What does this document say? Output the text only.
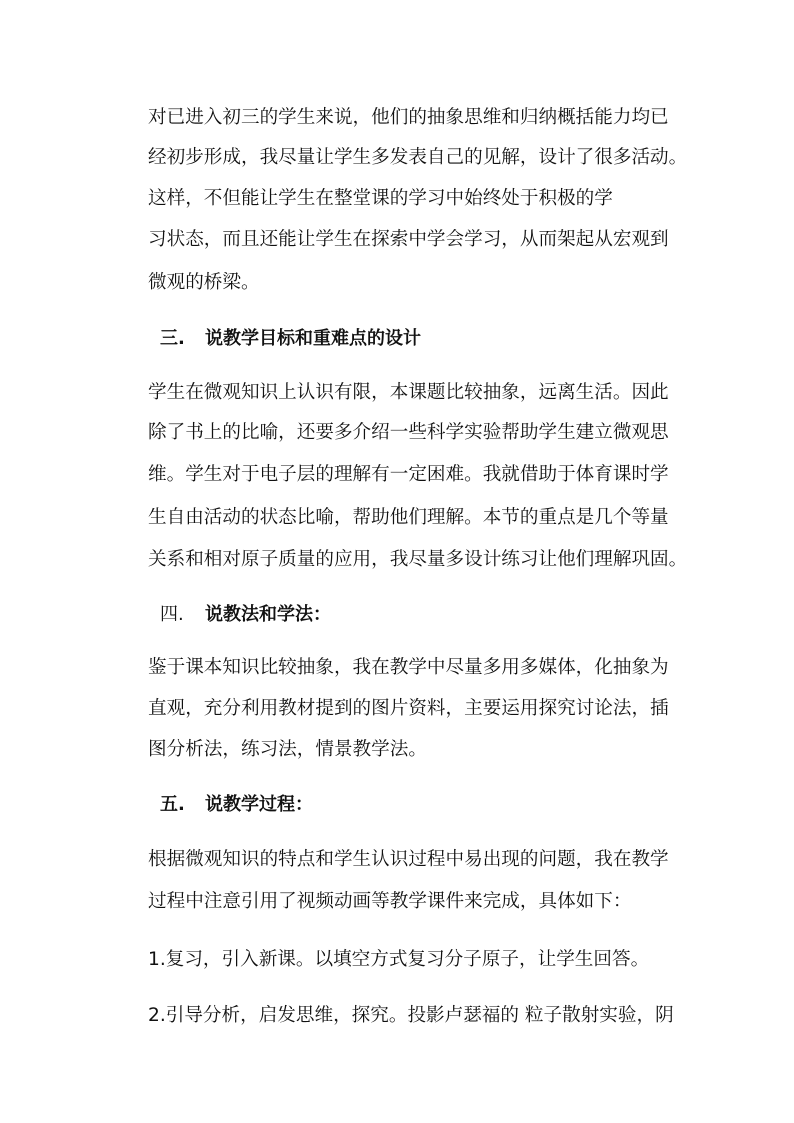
对已进入初三的学生来说，他们的抽象思维和归纳概括能力均已
经初步形成，我尽量让学生多发表自己的见解，设计了很多活动。
这样，不但能让学生在整堂课的学习中始终处于积极的学
习状态，而且还能让学生在探索中学会学习，从而架起从宏观到
微观的桥梁。
三. 说教学目标和重难点的设计
学生在微观知识上认识有限，本课题比较抽象，远离生活。因此
除了书上的比喻，还要多介绍一些科学实验帮助学生建立微观思
维。学生对于电子层的理解有一定困难。我就借助于体育课时学
生自由活动的状态比喻，帮助他们理解。本节的重点是几个等量
关系和相对原子质量的应用，我尽量多设计练习让他们理解巩固。
四. 说教法和学法：
鉴于课本知识比较抽象，我在教学中尽量多用多媒体，化抽象为
直观，充分利用教材提到的图片资料，主要运用探究讨论法，插
图分析法，练习法，情景教学法。
五. 说教学过程：
根据微观知识的特点和学生认识过程中易出现的问题，我在教学
过程中注意引用了视频动画等教学课件来完成，具体如下：
1.复习，引入新课。以填空方式复习分子原子，让学生回答。
2.引导分析，启发思维，探究。投影卢瑟福的 粒子散射实验，阴
